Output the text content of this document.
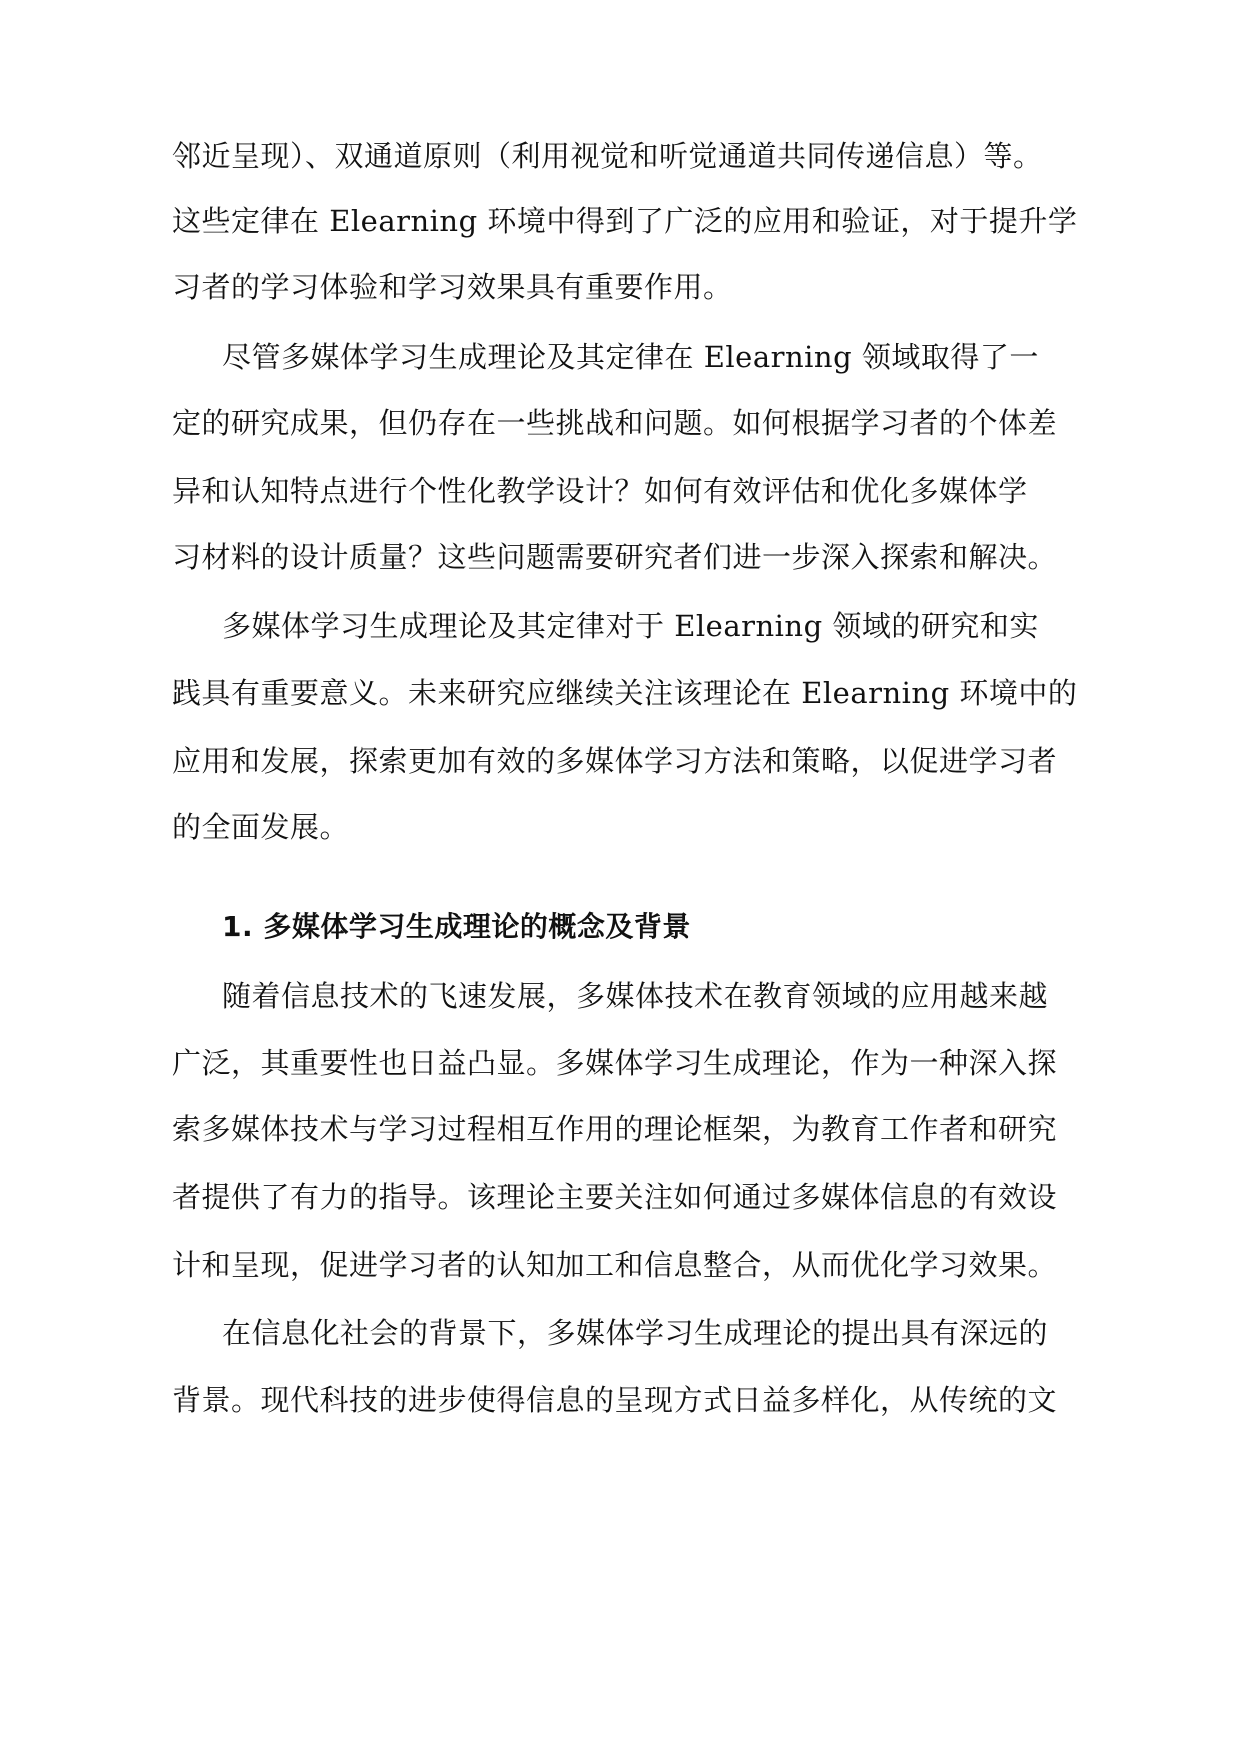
邻近呈现）、双通道原则（利用视觉和听觉通道共同传递信息）等。
这些定律在 Elearning 环境中得到了广泛的应用和验证，对于提升学
习者的学习体验和学习效果具有重要作用。
尽管多媒体学习生成理论及其定律在 Elearning 领域取得了一
定的研究成果，但仍存在一些挑战和问题。如何根据学习者的个体差
异和认知特点进行个性化教学设计？如何有效评估和优化多媒体学
习材料的设计质量？这些问题需要研究者们进一步深入探索和解决。
多媒体学习生成理论及其定律对于 Elearning 领域的研究和实
践具有重要意义。未来研究应继续关注该理论在 Elearning 环境中的
应用和发展，探索更加有效的多媒体学习方法和策略，以促进学习者
的全面发展。
1. 多媒体学习生成理论的概念及背景
随着信息技术的飞速发展，多媒体技术在教育领域的应用越来越
广泛，其重要性也日益凸显。多媒体学习生成理论，作为一种深入探
索多媒体技术与学习过程相互作用的理论框架，为教育工作者和研究
者提供了有力的指导。该理论主要关注如何通过多媒体信息的有效设
计和呈现，促进学习者的认知加工和信息整合，从而优化学习效果。
在信息化社会的背景下，多媒体学习生成理论的提出具有深远的
背景。现代科技的进步使得信息的呈现方式日益多样化，从传统的文
